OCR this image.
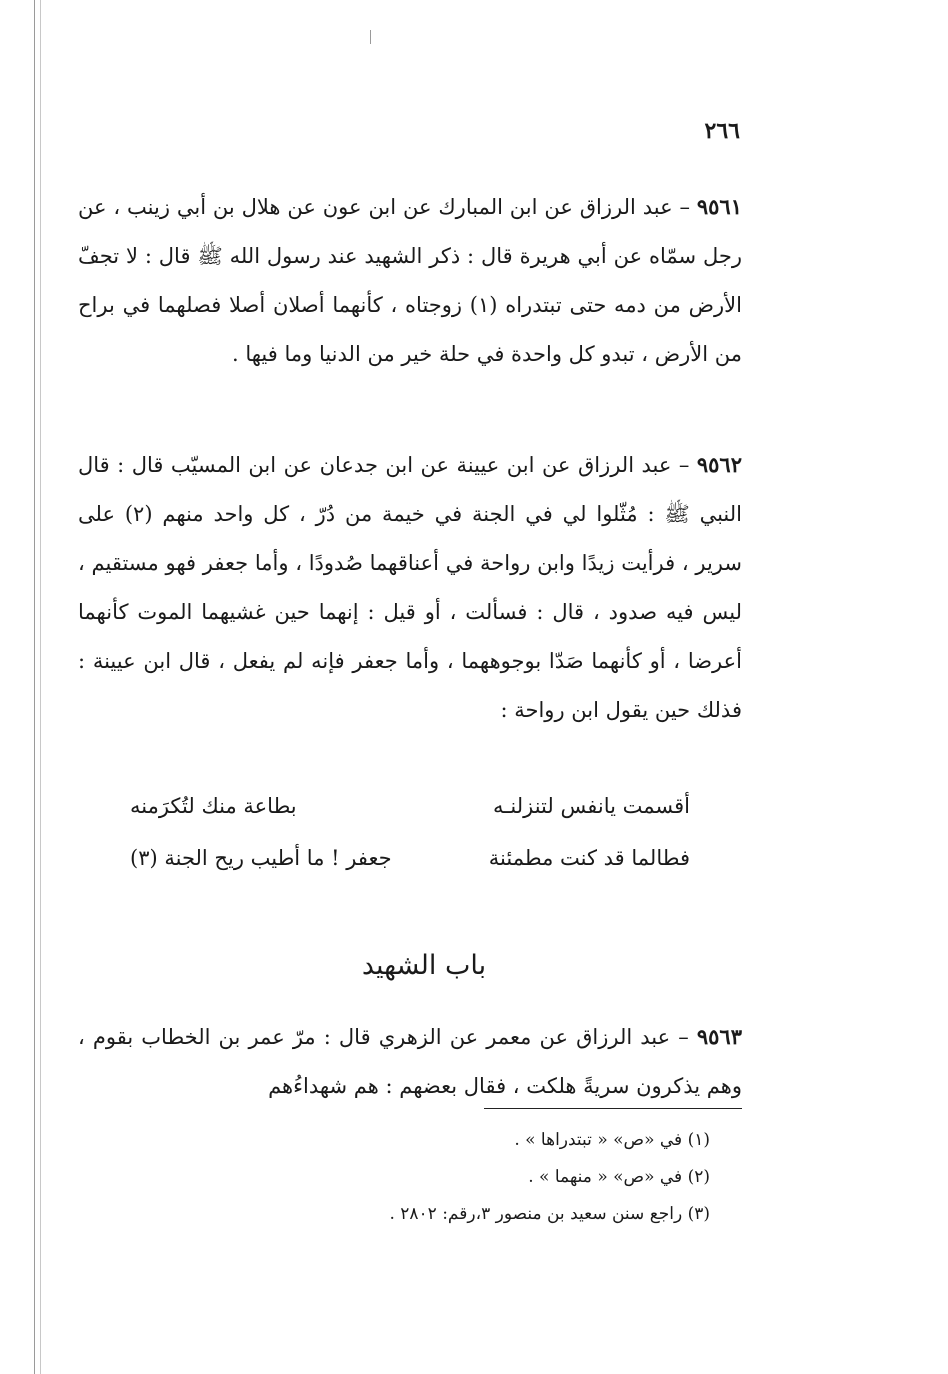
٢٦٦

٩٥٦١ – عبد الرزاق عن ابن المبارك عن ابن عون عن هلال بن أبي زينب ، عن رجل سمّاه عن أبي هريرة قال : ذكر الشهيد عند رسول الله ﷺ قال : لا تجفّ الأرض من دمه حتى تبتدراه (١) زوجتاه ، كأنهما أصلان أصلا فصلهما في براح من الأرض ، تبدو كل واحدة في حلة خير من الدنيا وما فيها .

٩٥٦٢ – عبد الرزاق عن ابن عيينة عن ابن جدعان عن ابن المسيّب قال : قال النبي ﷺ : مُثّلوا لي في الجنة في خيمة من دُرّ ، كل واحد منهم (٢) على سرير ، فرأيت زيدًا وابن رواحة في أعناقهما صُدودًا ، وأما جعفر فهو مستقيم ، ليس فيه صدود ، قال : فسألت ، أو قيل : إنهما حين غشيهما الموت كأنهما أعرضا ، أو كأنهما صَدّا بوجوههما ، وأما جعفر فإنه لم يفعل ، قال ابن عيينة : فذلك حين يقول ابن رواحة :

أقسمت يانفس لتنزلنـه
بطاعة منك لتُكرَمنه
فطالما قد كنت مطمئنة
جعفر ! ما أطيب ريح الجنة (٣)
باب الشهيد

٩٥٦٣ – عبد الرزاق عن معمر عن الزهري قال : مرّ عمر بن الخطاب بقوم ، وهم يذكرون سريةً هلكت ، فقال بعضهم : هم شهداءُهم

(١) في «ص» « تبتدراها » .
(٢) في «ص» « منهما » .
(٣) راجع سنن سعيد بن منصور ٣،رقم: ٢٨٠٢ .
